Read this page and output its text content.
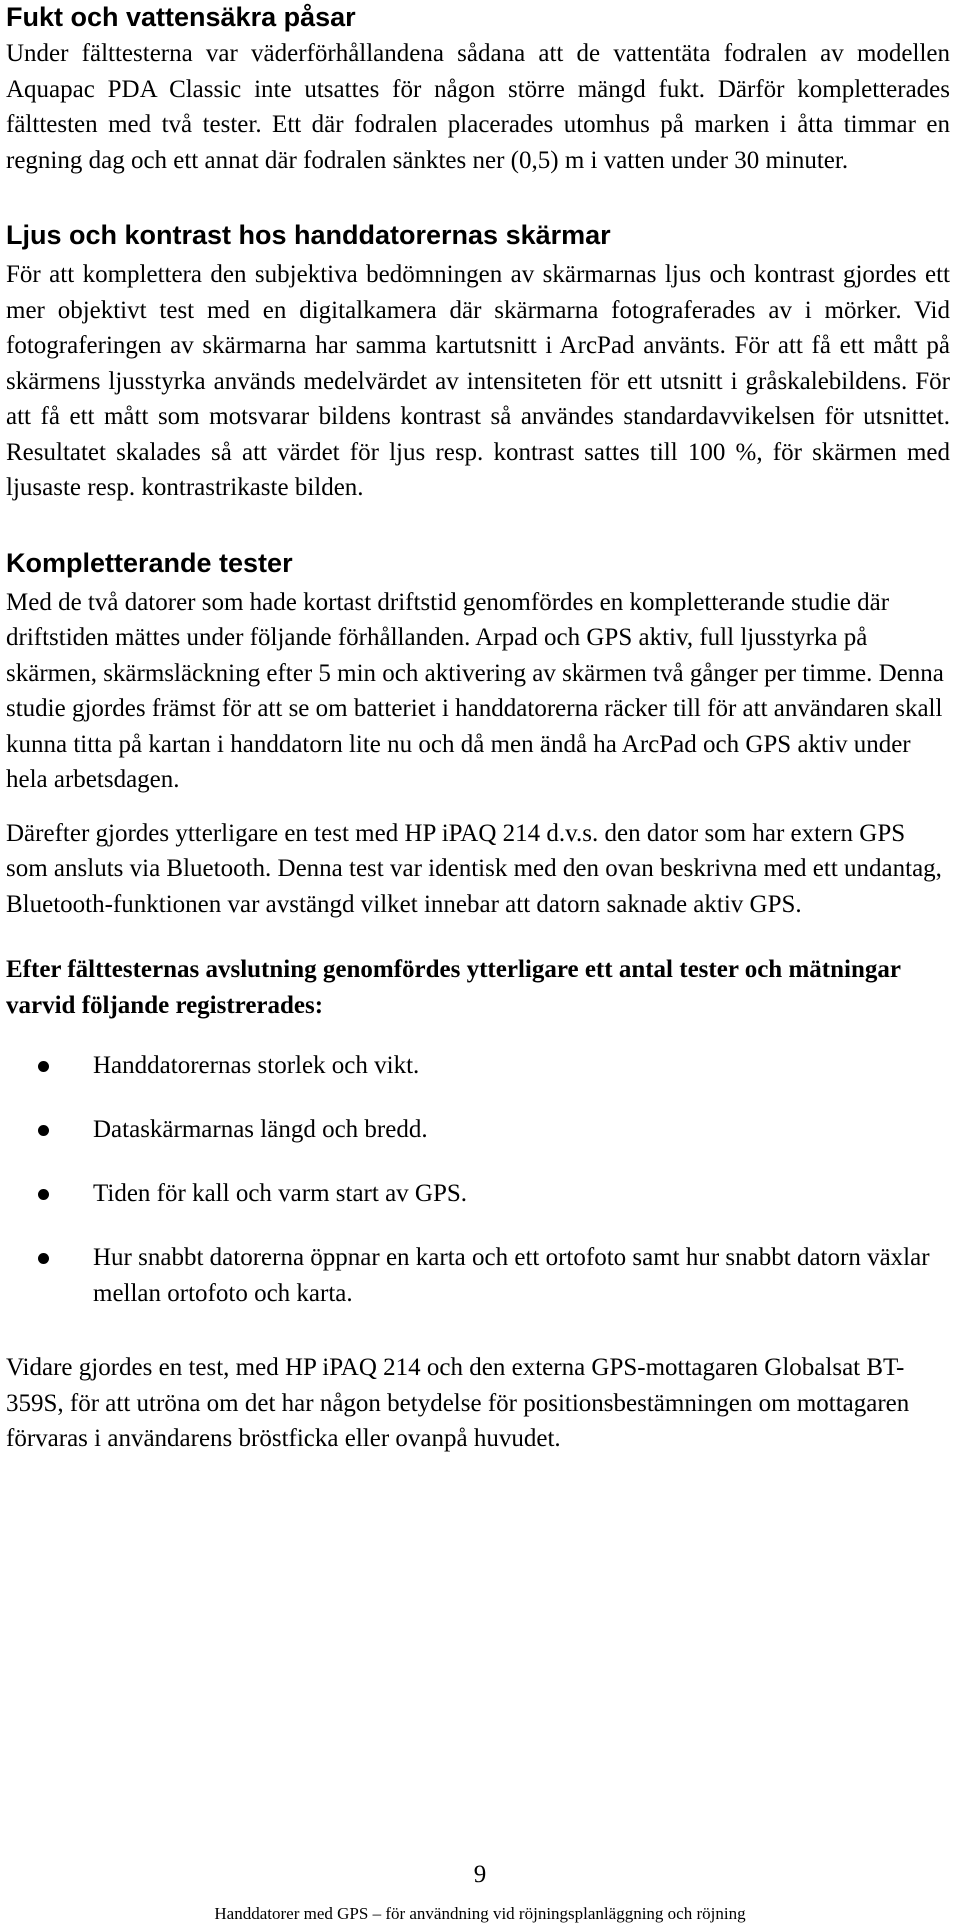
Fukt och vattensäkra påsar

Under fälttesterna var väderförhållandena sådana att de vattentäta fodralen av modellen Aquapac PDA Classic inte utsattes för någon större mängd fukt. Därför kompletterades fälttesten med två tester. Ett där fodralen placerades utomhus på marken i åtta timmar en regning dag och ett annat där fodralen sänktes ner (0,5) m i vatten under 30 minuter.

Ljus och kontrast hos handdatorernas skärmar

För att komplettera den subjektiva bedömningen av skärmarnas ljus och kontrast gjordes ett mer objektivt test med en digitalkamera där skärmarna fotograferades av i mörker. Vid fotograferingen av skärmarna har samma kartutsnitt i ArcPad använts. För att få ett mått på skärmens ljusstyrka används medelvärdet av intensiteten för ett utsnitt i gråskalebildens. För att få ett mått som motsvarar bildens kontrast så användes standardavvikelsen för utsnittet. Resultatet skalades så att värdet för ljus resp. kontrast sattes till 100 %, för skärmen med ljusaste resp. kontrastrikaste bilden.

Kompletterande tester

Med de två datorer som hade kortast driftstid genomfördes en kompletterande studie där driftstiden mättes under följande förhållanden. Arpad och GPS aktiv, full ljusstyrka på skärmen, skärmsläckning efter 5 min och aktivering av skärmen två gånger per timme. Denna studie gjordes främst för att se om batteriet i handdatorerna räcker till för att användaren skall kunna titta på kartan i handdatorn lite nu och då men ändå ha ArcPad och GPS aktiv under hela arbetsdagen.

Därefter gjordes ytterligare en test med HP iPAQ 214 d.v.s. den dator som har extern GPS som ansluts via Bluetooth. Denna test var identisk med den ovan beskrivna med ett undantag, Bluetooth-funktionen var avstängd vilket innebar att datorn saknade aktiv GPS.

Efter fälttesternas avslutning genomfördes ytterligare ett antal tester och mätningar varvid följande registrerades:

Handdatorernas storlek och vikt.
Dataskärmarnas längd och bredd.
Tiden för kall och varm start av GPS.
Hur snabbt datorerna öppnar en karta och ett ortofoto samt hur snabbt datorn växlar mellan ortofoto och karta.

Vidare gjordes en test, med HP iPAQ 214 och den externa GPS-mottagaren Globalsat BT-359S, för att utröna om det har någon betydelse för positionsbestämningen om mottagaren förvaras i användarens bröstficka eller ovanpå huvudet.

9
Handdatorer med GPS – för användning vid röjningsplanläggning och röjning
